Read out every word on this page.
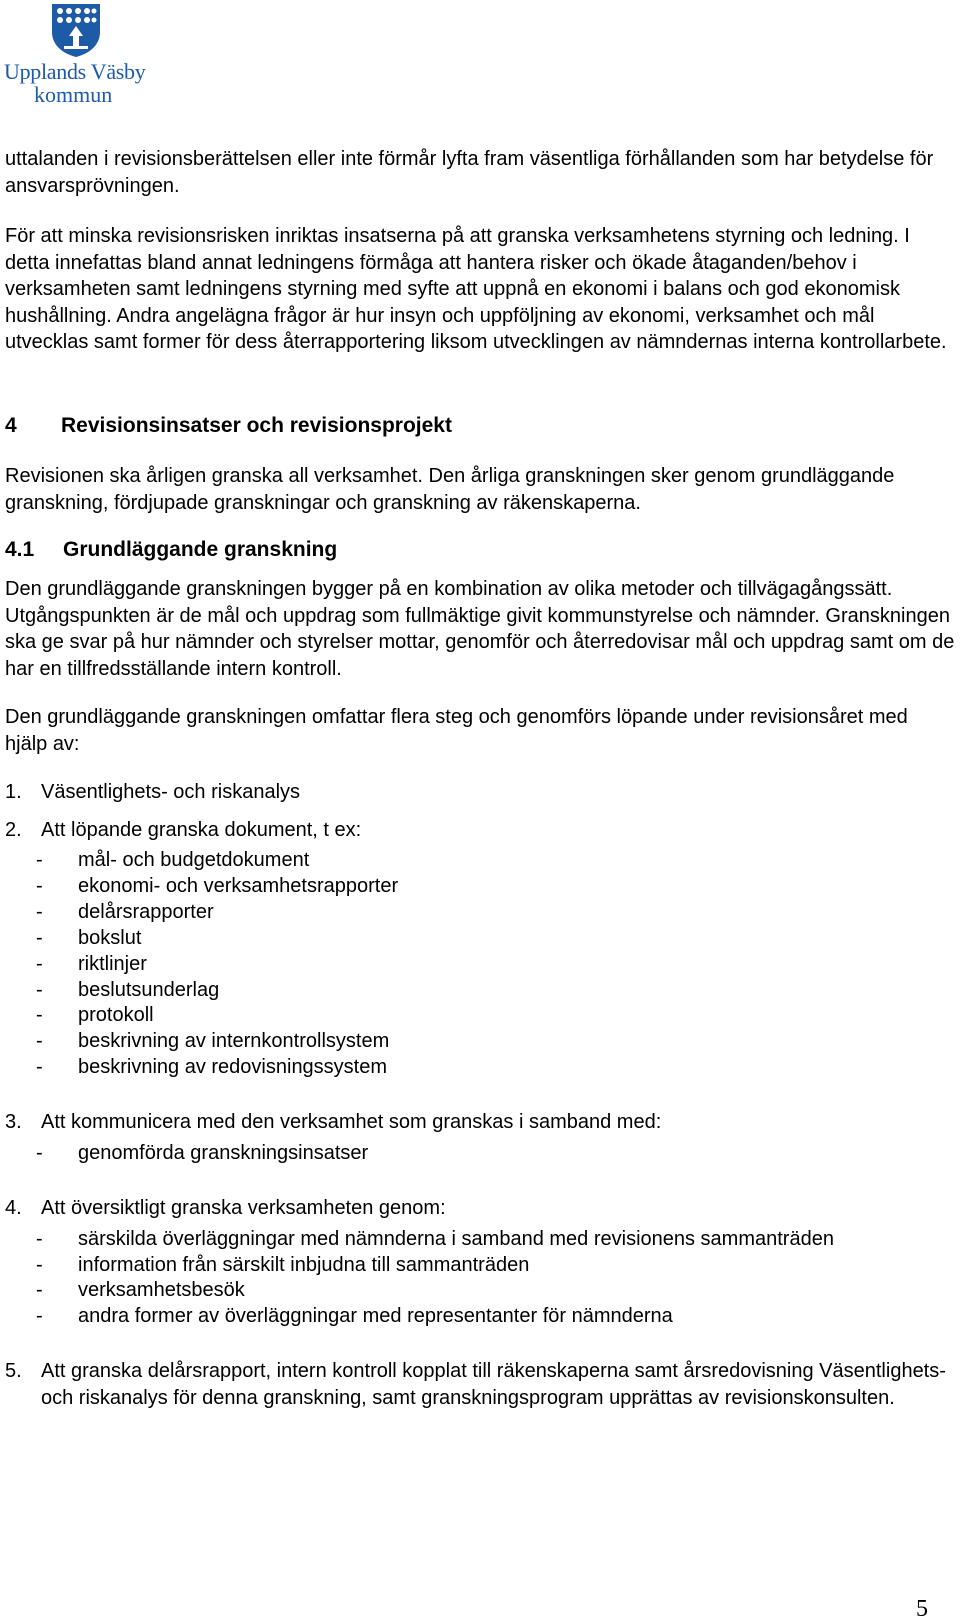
Upplands Väsby
kommun

uttalanden i revisionsberättelsen eller inte förmår lyfta fram väsentliga förhållanden som har betydelse för ansvarsprövningen.

För att minska revisionsrisken inriktas insatserna på att granska verksamhetens styrning och ledning. I detta innefattas bland annat ledningens förmåga att hantera risker och ökade åtaganden/behov i verksamheten samt ledningens styrning med syfte att uppnå en ekonomi i balans och god ekonomisk hushållning. Andra angelägna frågor är hur insyn och uppföljning av ekonomi, verksamhet och mål utvecklas samt former för dess återrapportering liksom utvecklingen av nämndernas interna kontrollarbete.

4 Revisionsinsatser och revisionsprojekt

Revisionen ska årligen granska all verksamhet. Den årliga granskningen sker genom grundläggande granskning, fördjupade granskningar och granskning av räkenskaperna.

4.1 Grundläggande granskning

Den grundläggande granskningen bygger på en kombination av olika metoder och tillvägagångssätt. Utgångspunkten är de mål och uppdrag som fullmäktige givit kommunstyrelse och nämnder. Granskningen ska ge svar på hur nämnder och styrelser mottar, genomför och återredovisar mål och uppdrag samt om de har en tillfredsställande intern kontroll.

Den grundläggande granskningen omfattar flera steg och genomförs löpande under revisionsåret med hjälp av:

1. Väsentlighets- och riskanalys
2. Att löpande granska dokument, t ex:
- mål- och budgetdokument
- ekonomi- och verksamhetsrapporter
- delårsrapporter
- bokslut
- riktlinjer
- beslutsunderlag
- protokoll
- beskrivning av internkontrollsystem
- beskrivning av redovisningssystem
3. Att kommunicera med den verksamhet som granskas i samband med:
- genomförda granskningsinsatser
4. Att översiktligt granska verksamheten genom:
- särskilda överläggningar med nämnderna i samband med revisionens sammanträden
- information från särskilt inbjudna till sammanträden
- verksamhetsbesök
- andra former av överläggningar med representanter för nämnderna
5. Att granska delårsrapport, intern kontroll kopplat till räkenskaperna samt årsredovisning Väsentlighets- och riskanalys för denna granskning, samt granskningsprogram upprättas av revisionskonsulten.
5
